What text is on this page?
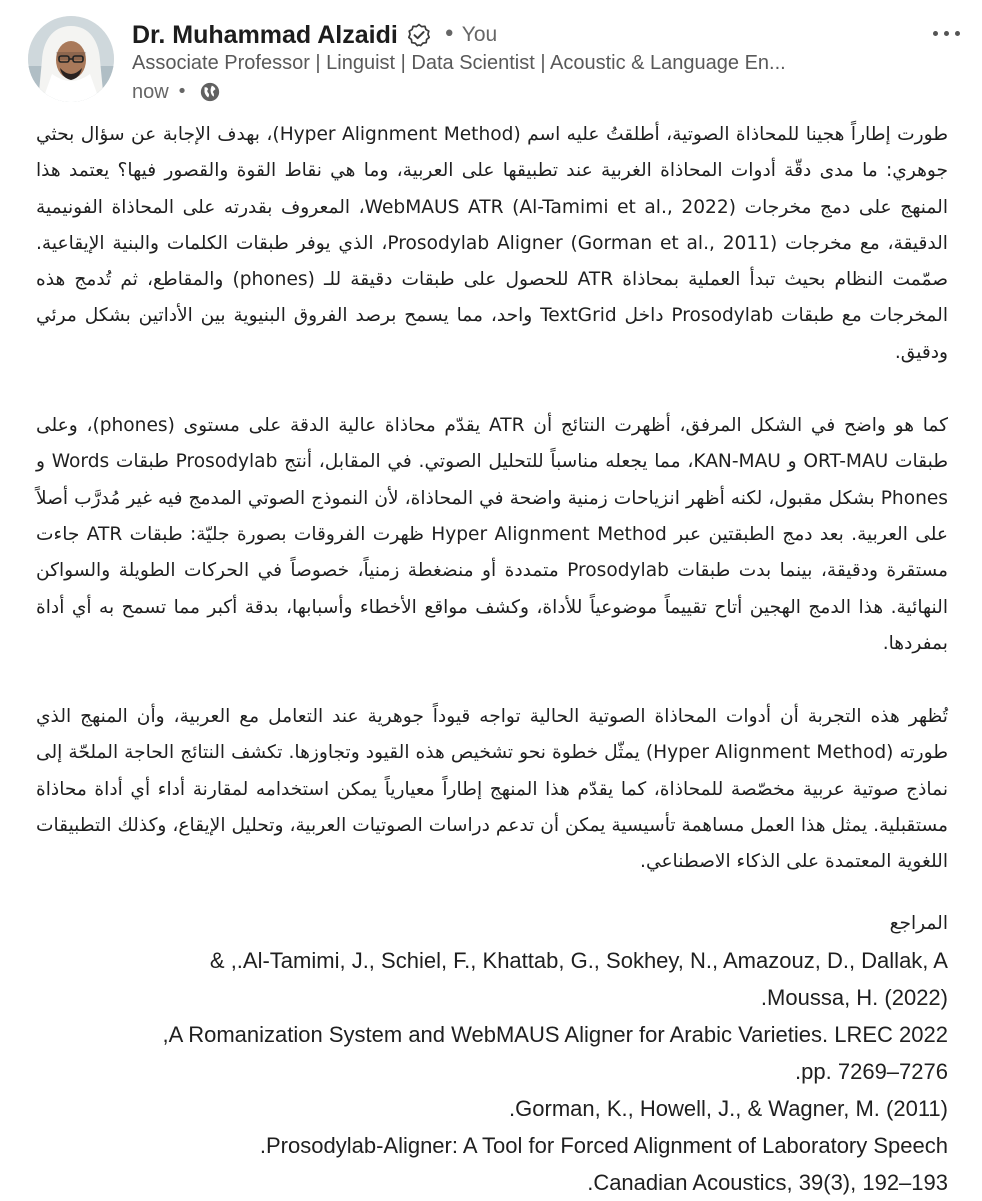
Dr. Muhammad Alzaidi • You
Associate Professor | Linguist | Data Scientist | Acoustic & Language En...
now •

طورت إطاراً هجينا للمحاذاة الصوتية، أطلقتُ عليه اسم (Hyper Alignment Method)، بهدف الإجابة عن سؤال بحثي جوهري: ما مدى دقّة أدوات المحاذاة الغربية عند تطبيقها على العربية، وما هي نقاط القوة والقصور فيها؟ يعتمد هذا المنهج على دمج مخرجات WebMAUS ATR (Al-Tamimi et al., 2022)، المعروف بقدرته على المحاذاة الفونيمية الدقيقة، مع مخرجات Prosodylab Aligner (Gorman et al., 2011)، الذي يوفر طبقات الكلمات والبنية الإيقاعية. صمّمت النظام بحيث تبدأ العملية بمحاذاة ATR للحصول على طبقات دقيقة للـ (phones) والمقاطع، ثم تُدمج هذه المخرجات مع طبقات Prosodylab داخل TextGrid واحد، مما يسمح برصد الفروق البنيوية بين الأداتين بشكل مرئي ودقيق.

كما هو واضح في الشكل المرفق، أظهرت النتائج أن ATR يقدّم محاذاة عالية الدقة على مستوى (phones)، وعلى طبقات ORT-MAU و KAN-MAU، مما يجعله مناسباً للتحليل الصوتي. في المقابل، أنتج Prosodylab طبقات Words و Phones بشكل مقبول، لكنه أظهر انزياحات زمنية واضحة في المحاذاة، لأن النموذج الصوتي المدمج فيه غير مُدرَّب أصلاً على العربية. بعد دمج الطبقتين عبر Hyper Alignment Method ظهرت الفروقات بصورة جليّة: طبقات ATR جاءت مستقرة ودقيقة، بينما بدت طبقات Prosodylab متمددة أو منضغطة زمنياً، خصوصاً في الحركات الطويلة والسواكن النهائية. هذا الدمج الهجين أتاح تقييماً موضوعياً للأداة، وكشف مواقع الأخطاء وأسبابها، بدقة أكبر مما تسمح به أي أداة بمفردها.

تُظهر هذه التجربة أن أدوات المحاذاة الصوتية الحالية تواجه قيوداً جوهرية عند التعامل مع العربية، وأن المنهج الذي طورته (Hyper Alignment Method) يمثّل خطوة نحو تشخيص هذه القيود وتجاوزها. تكشف النتائج الحاجة الملحّة إلى نماذج صوتية عربية مخصّصة للمحاذاة، كما يقدّم هذا المنهج إطاراً معيارياً يمكن استخدامه لمقارنة أداء أي أداة محاذاة مستقبلية. يمثل هذا العمل مساهمة تأسيسية يمكن أن تدعم دراسات الصوتيات العربية، وتحليل الإيقاع، وكذلك التطبيقات اللغوية المعتمدة على الذكاء الاصطناعي.

المراجع
Al-Tamimi, J., Schiel, F., Khattab, G., Sokhey, N., Amazouz, D., Dallak, A., &
Moussa, H. (2022).
A Romanization System and WebMAUS Aligner for Arabic Varieties. LREC 2022,
pp. 7269–7276.
Gorman, K., Howell, J., & Wagner, M. (2011).
Prosodylab-Aligner: A Tool for Forced Alignment of Laboratory Speech.
Canadian Acoustics, 39(3), 192–193.
